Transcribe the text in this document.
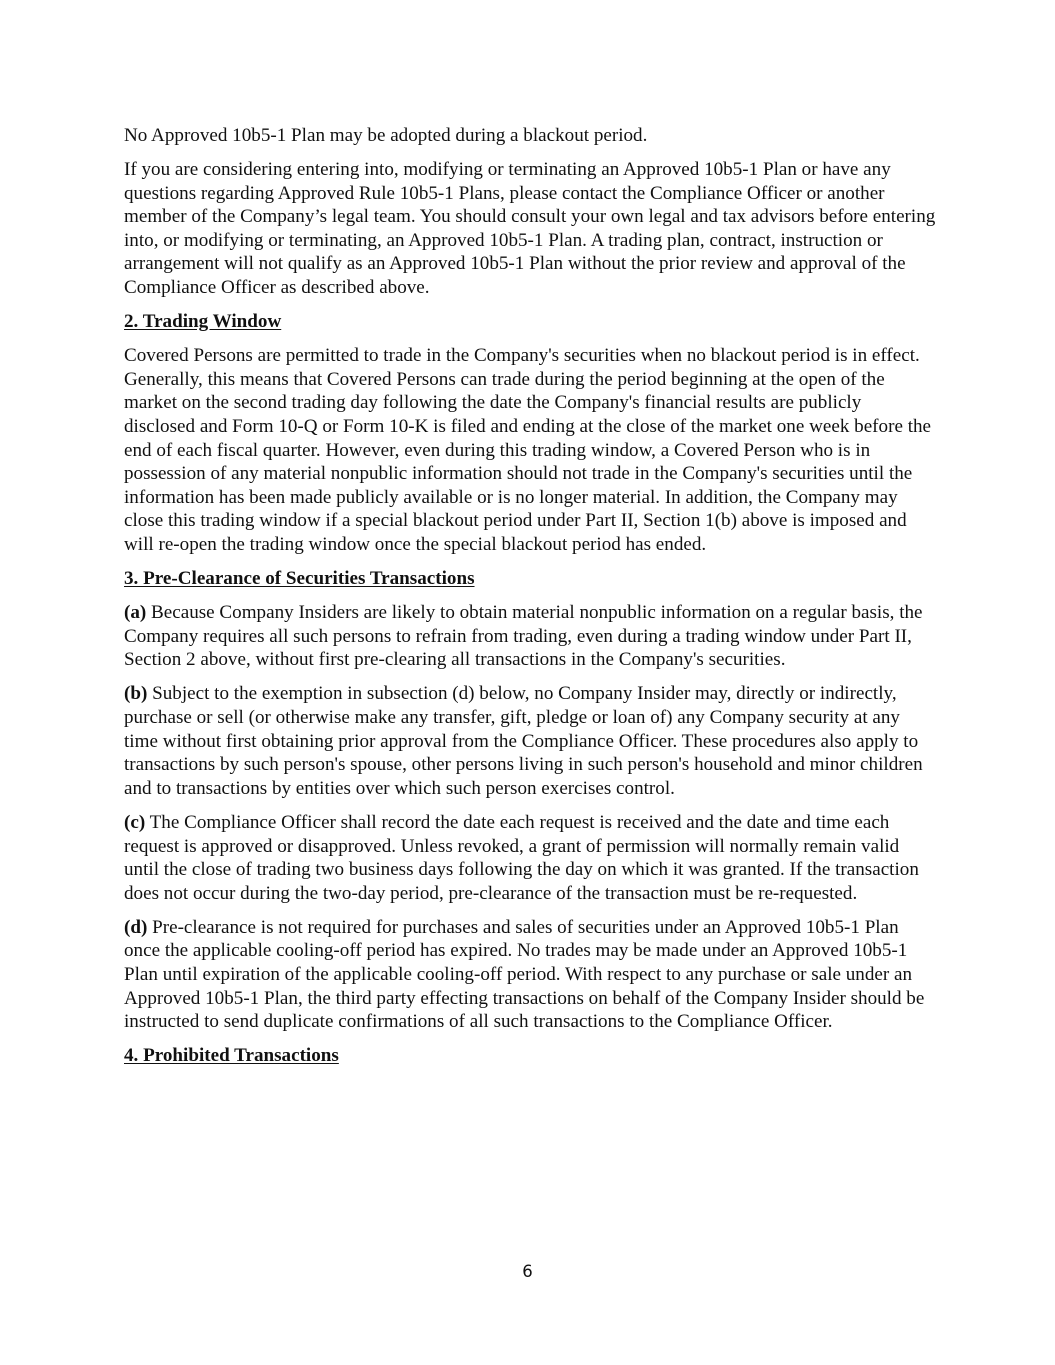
No Approved 10b5-1 Plan may be adopted during a blackout period.

If you are considering entering into, modifying or terminating an Approved 10b5-1 Plan or have any questions regarding Approved Rule 10b5-1 Plans, please contact the Compliance Officer or another member of the Company’s legal team. You should consult your own legal and tax advisors before entering into, or modifying or terminating, an Approved 10b5-1 Plan. A trading plan, contract, instruction or arrangement will not qualify as an Approved 10b5-1 Plan without the prior review and approval of the Compliance Officer as described above.

2. Trading Window

Covered Persons are permitted to trade in the Company's securities when no blackout period is in effect. Generally, this means that Covered Persons can trade during the period beginning at the open of the market on the second trading day following the date the Company's financial results are publicly disclosed and Form 10-Q or Form 10-K is filed and ending at the close of the market one week before the end of each fiscal quarter. However, even during this trading window, a Covered Person who is in possession of any material nonpublic information should not trade in the Company's securities until the information has been made publicly available or is no longer material. In addition, the Company may close this trading window if a special blackout period under Part II, Section 1(b) above is imposed and will re-open the trading window once the special blackout period has ended.

3. Pre-Clearance of Securities Transactions

(a) Because Company Insiders are likely to obtain material nonpublic information on a regular basis, the Company requires all such persons to refrain from trading, even during a trading window under Part II, Section 2 above, without first pre-clearing all transactions in the Company's securities.

(b) Subject to the exemption in subsection (d) below, no Company Insider may, directly or indirectly, purchase or sell (or otherwise make any transfer, gift, pledge or loan of) any Company security at any time without first obtaining prior approval from the Compliance Officer. These procedures also apply to transactions by such person's spouse, other persons living in such person's household and minor children and to transactions by entities over which such person exercises control.

(c) The Compliance Officer shall record the date each request is received and the date and time each request is approved or disapproved. Unless revoked, a grant of permission will normally remain valid until the close of trading two business days following the day on which it was granted. If the transaction does not occur during the two-day period, pre-clearance of the transaction must be re-requested.

(d) Pre-clearance is not required for purchases and sales of securities under an Approved 10b5-1 Plan once the applicable cooling-off period has expired. No trades may be made under an Approved 10b5-1 Plan until expiration of the applicable cooling-off period. With respect to any purchase or sale under an Approved 10b5-1 Plan, the third party effecting transactions on behalf of the Company Insider should be instructed to send duplicate confirmations of all such transactions to the Compliance Officer.

4. Prohibited Transactions

6
